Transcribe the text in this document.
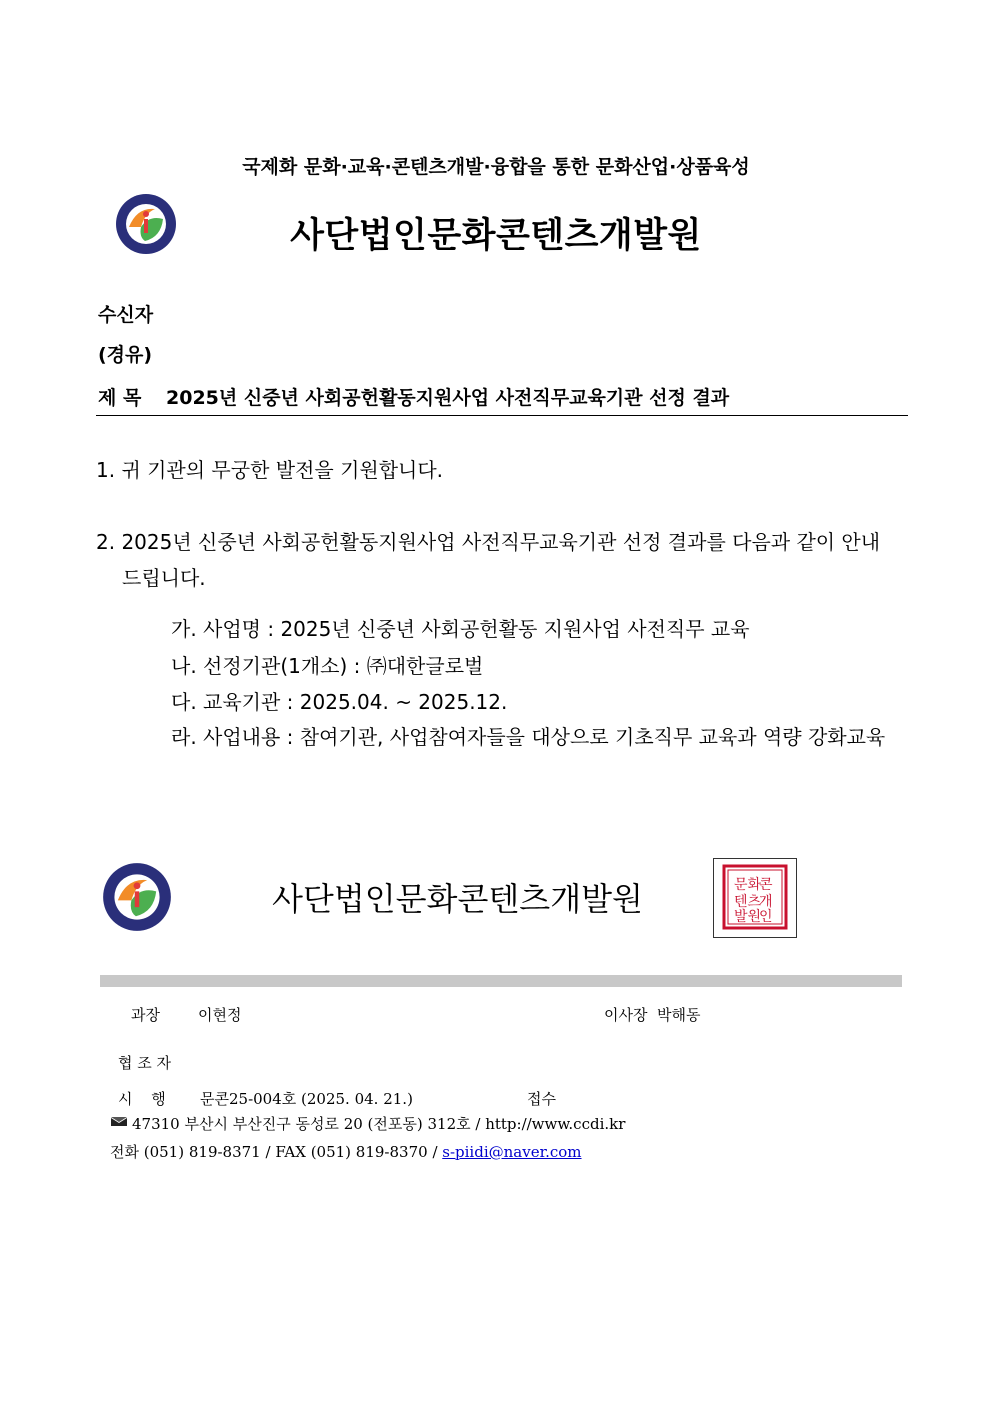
국제화 문화·교육·콘텐츠개발·융합을 통한 문화산업·상품육성
사단법인문화콘텐츠개발원
수신자
(경유)
제 목 2025년 신중년 사회공헌활동지원사업 사전직무교육기관 선정 결과
1. 귀 기관의 무궁한 발전을 기원합니다.
2. 2025년 신중년 사회공헌활동지원사업 사전직무교육기관 선정 결과를 다음과 같이 안내
드립니다.
가. 사업명 : 2025년 신중년 사회공헌활동 지원사업 사전직무 교육
나. 선정기관(1개소) : ㈜대한글로벌
다. 교육기관 : 2025.04. ~ 2025.12.
라. 사업내용 : 참여기관, 사업참여자들을 대상으로 기초직무 교육과 역량 강화교육
사단법인문화콘텐츠개발원	문화
콘
텐츠
개
발원
인
과장	이현정	이사장 박해동
협 조 자
시 행 문콘25-004호 (2025. 04. 21.)	접수
47310 부산시 부산진구 동성로 20 (전포동) 312호 / http://www.ccdi.kr
전화 (051) 819-8371 / FAX (051) 819-8370 / s-piidi@naver.com
